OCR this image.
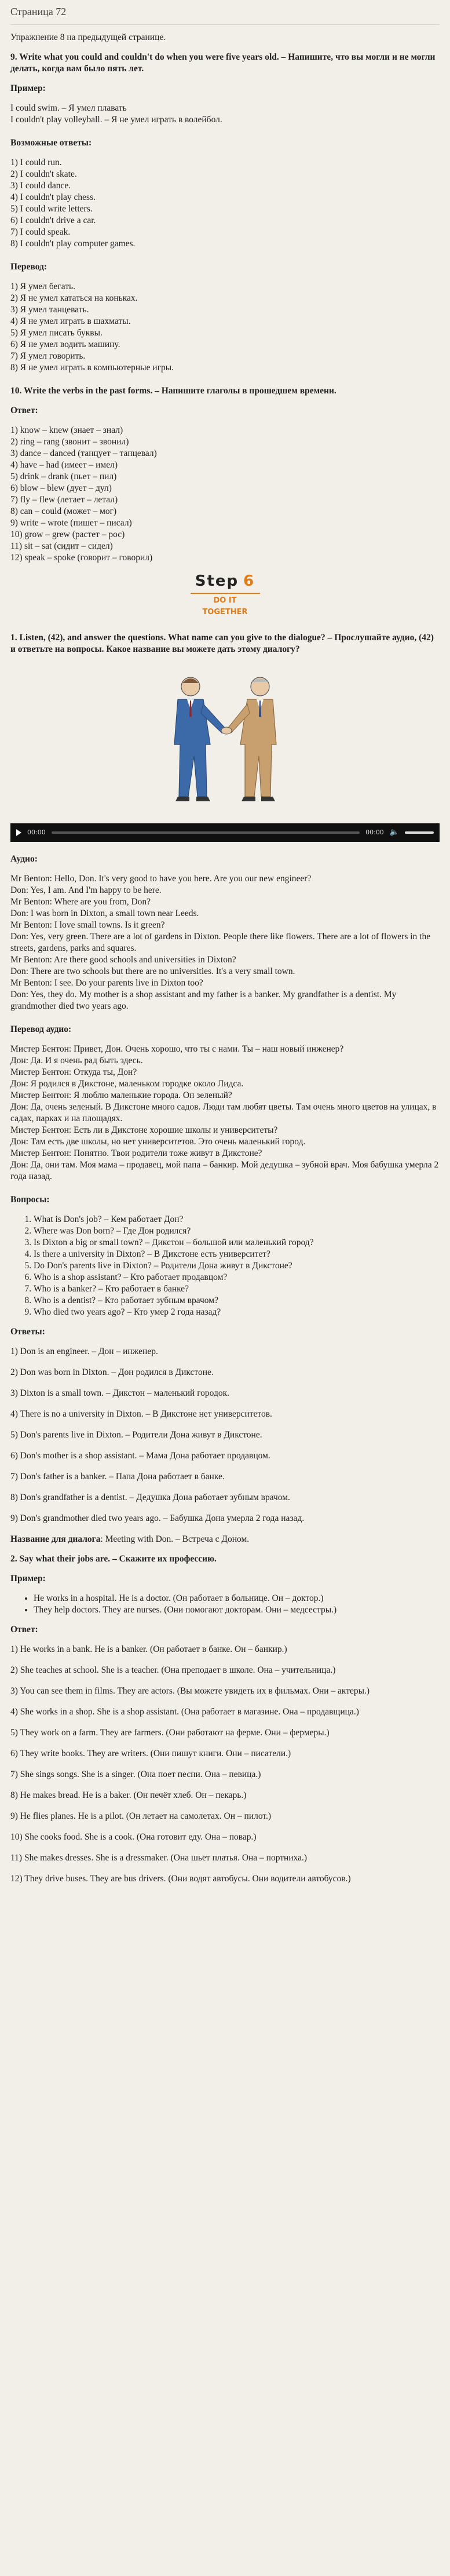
Страница 72

Упражнение 8 на предыдущей странице.

9. Write what you could and couldn't do when you were five years old. – Напишите, что вы могли и не могли делать, когда вам было пять лет.

Пример:

I could swim. – Я умел плавать
I couldn't play volleyball. – Я не умел играть в волейбол.

Возможные ответы:

1) I could run.
2) I couldn't skate.
3) I could dance.
4) I couldn't play chess.
5) I could write letters.
6) I couldn't drive a car.
7) I could speak.
8) I couldn't play computer games.

Перевод:

1) Я умел бегать.
2) Я не умел кататься на коньках.
3) Я умел танцевать.
4) Я не умел играть в шахматы.
5) Я умел писать буквы.
6) Я не умел водить машину.
7) Я умел говорить.
8) Я не умел играть в компьютерные игры.

10. Write the verbs in the past forms. – Напишите глаголы в прошедшем времени.

Ответ:

1) know – knew (знает – знал)
2) ring – rang (звонит – звонил)
3) dance – danced (танцует – танцевал)
4) have – had (имеет – имел)
5) drink – drank (пьет – пил)
6) blow – blew (дует – дул)
7) fly – flew (летает – летал)
8) can – could (может – мог)
9) write – wrote (пишет – писал)
10) grow – grew (растет – рос)
11) sit – sat (сидит – сидел)
12) speak – spoke (говорит – говорил)
Step 6
DO IT TOGETHER

1. Listen, (42), and answer the questions. What name can you give to the dialogue? – Прослушайте аудио, (42) и ответьте на вопросы. Какое название вы можете дать этому диалогу?

00:00	00:00 🔈

Аудио:

Mr Benton: Hello, Don. It's very good to have you here. Are you our new engineer?
Don: Yes, I am. And I'm happy to be here.
Mr Benton: Where are you from, Don?
Don: I was born in Dixton, a small town near Leeds.
Mr Benton: I love small towns. Is it green?
Don: Yes, very green. There are a lot of gardens in Dixton. People there like flowers. There are a lot of flowers in the streets, gardens, parks and squares.
Mr Benton: Are there good schools and universities in Dixton?
Don: There are two schools but there are no universities. It's a very small town.
Mr Benton: I see. Do your parents live in Dixton too?
Don: Yes, they do. My mother is a shop assistant and my father is a banker. My grandfather is a dentist. My grandmother died two years ago.

Перевод аудио:

Мистер Бентон: Привет, Дон. Очень хорошо, что ты с нами. Ты – наш новый инженер?
Дон: Да. И я очень рад быть здесь.
Мистер Бентон: Откуда ты, Дон?
Дон: Я родился в Дикстоне, маленьком городке около Лидса.
Мистер Бентон: Я люблю маленькие города. Он зеленый?
Дон: Да, очень зеленый. В Дикстоне много садов. Люди там любят цветы. Там очень много цветов на улицах, в садах, парках и на площадях.
Мистер Бентон: Есть ли в Дикстоне хорошие школы и университеты?
Дон: Там есть две школы, но нет университетов. Это очень маленький город.
Мистер Бентон: Понятно. Твои родители тоже живут в Дикстоне?
Дон: Да, они там. Моя мама – продавец, мой папа – банкир. Мой дедушка – зубной врач. Моя бабушка умерла 2 года назад.

Вопросы:

1. What is Don's job? – Кем работает Дон?
2. Where was Don born? – Где Дон родился?
3. Is Dixton a big or small town? – Дикстон – большой или маленький город?
4. Is there a university in Dixton? – В Дикстоне есть университет?
5. Do Don's parents live in Dixton? – Родители Дона живут в Дикстоне?
6. Who is a shop assistant? – Кто работает продавцом?
7. Who is a banker? – Кто работает в банке?
8. Who is a dentist? – Кто работает зубным врачом?
9. Who died two years ago? – Кто умер 2 года назад?

Ответы:

1) Don is an engineer. – Дон – инженер.

2) Don was born in Dixton. – Дон родился в Дикстоне.

3) Dixton is a small town. – Дикстон – маленький городок.

4) There is no a university in Dixton. – В Дикстоне нет университетов.

5) Don's parents live in Dixton. – Родители Дона живут в Дикстоне.

6) Don's mother is a shop assistant. – Мама Дона работает продавцом.

7) Don's father is a banker. – Папа Дона работает в банке.

8) Don's grandfather is a dentist. – Дедушка Дона работает зубным врачом.

9) Don's grandmother died two years ago. – Бабушка Дона умерла 2 года назад.

Название для диалога: Meeting with Don. – Встреча с Доном.

2. Say what their jobs are. – Скажите их профессию.

Пример:

• He works in a hospital. He is a doctor. (Он работает в больнице. Он – доктор.)
• They help doctors. They are nurses. (Они помогают докторам. Они – медсестры.)

Ответ:

1) He works in a bank. He is a banker. (Он работает в банке. Он – банкир.)

2) She teaches at school. She is a teacher. (Она преподает в школе. Она – учительница.)

3) You can see them in films. They are actors. (Вы можете увидеть их в фильмах. Они – актеры.)

4) She works in a shop. She is a shop assistant. (Она работает в магазине. Она – продавщица.)

5) They work on a farm. They are farmers. (Они работают на ферме. Они – фермеры.)

6) They write books. They are writers. (Они пишут книги. Они – писатели.)

7) She sings songs. She is a singer. (Она поет песни. Она – певица.)

8) He makes bread. He is a baker. (Он печёт хлеб. Он – пекарь.)

9) He flies planes. He is a pilot. (Он летает на самолетах. Он – пилот.)

10) She cooks food. She is a cook. (Она готовит еду. Она – повар.)

11) She makes dresses. She is a dressmaker. (Она шьет платья. Она – портниха.)

12) They drive buses. They are bus drivers. (Они водят автобусы. Они водители автобусов.)
